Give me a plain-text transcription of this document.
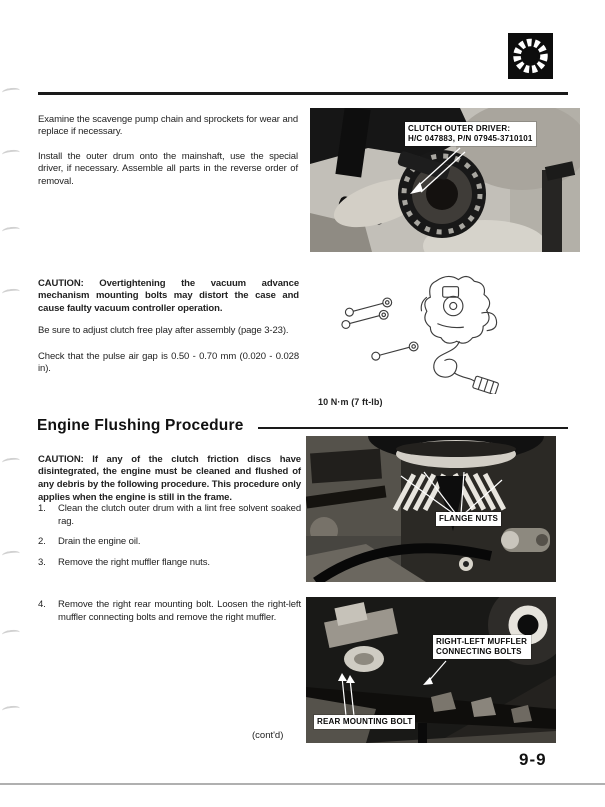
Examine the scavenge pump chain and sprockets for wear and replace if necessary.

Install the outer drum onto the mainshaft, use the special driver, if necessary. Assemble all parts in the reverse order of removal.

CAUTION: Overtightening the vacuum advance mechanism mounting bolts may distort the case and cause faulty vacuum controller operation.

Be sure to adjust clutch free play after assembly (page 3-23).

Check that the pulse air gap is 0.50 - 0.70 mm (0.020 - 0.028 in).

Engine Flushing Procedure

CAUTION: If any of the clutch friction discs have disintegrated, the engine must be cleaned and flushed of any debris by the following procedure. This procedure only applies when the engine is still in the frame.

1. Clean the clutch outer drum with a lint free solvent soaked rag.
2. Drain the engine oil.
3. Remove the right muffler flange nuts.
4. Remove the right rear mounting bolt. Loosen the right-left muffler connecting bolts and remove the right muffler.
CLUTCH OUTER DRIVER:
H/C 047883, P/N 07945-3710101
10 N·m (7 ft-lb)
FLANGE NUTS
RIGHT-LEFT MUFFLER CONNECTING BOLTS
REAR MOUNTING BOLT
(cont'd)
9-9
